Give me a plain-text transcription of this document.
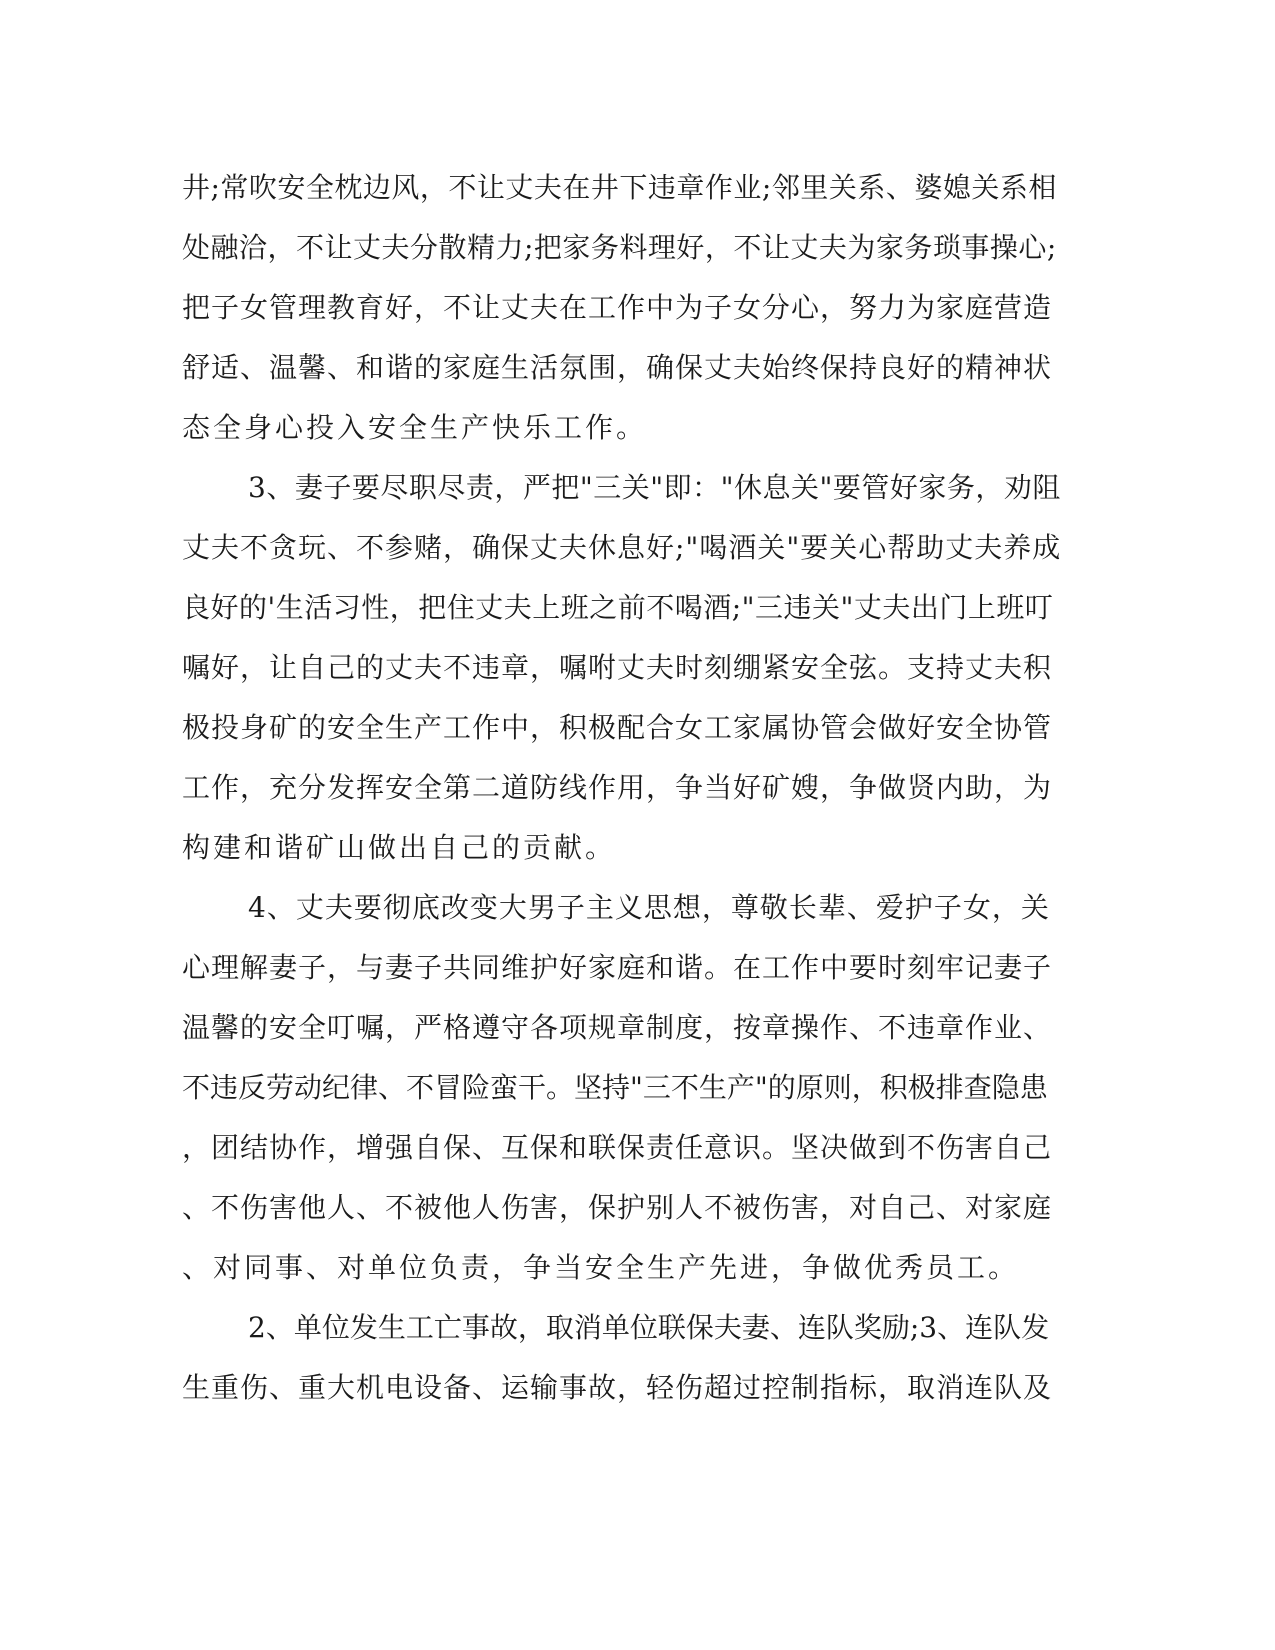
井;常吹安全枕边风，不让丈夫在井下违章作业;邻里关系、婆媳关系相
处融洽，不让丈夫分散精力;把家务料理好，不让丈夫为家务琐事操心;
把子女管理教育好，不让丈夫在工作中为子女分心，努力为家庭营造
舒适、温馨、和谐的家庭生活氛围，确保丈夫始终保持良好的精神状
态全身心投入安全生产快乐工作。
3、妻子要尽职尽责，严把"三关"即："休息关"要管好家务，劝阻
丈夫不贪玩、不参赌，确保丈夫休息好;"喝酒关"要关心帮助丈夫养成
良好的'生活习性，把住丈夫上班之前不喝酒;"三违关"丈夫出门上班叮
嘱好，让自己的丈夫不违章，嘱咐丈夫时刻绷紧安全弦。支持丈夫积
极投身矿的安全生产工作中，积极配合女工家属协管会做好安全协管
工作，充分发挥安全第二道防线作用，争当好矿嫂，争做贤内助，为
构建和谐矿山做出自己的贡献。
4、丈夫要彻底改变大男子主义思想，尊敬长辈、爱护子女，关
心理解妻子，与妻子共同维护好家庭和谐。在工作中要时刻牢记妻子
温馨的安全叮嘱，严格遵守各项规章制度，按章操作、不违章作业、
不违反劳动纪律、不冒险蛮干。坚持"三不生产"的原则，积极排查隐患
，团结协作，增强自保、互保和联保责任意识。坚决做到不伤害自己
、不伤害他人、不被他人伤害，保护别人不被伤害，对自己、对家庭
、对同事、对单位负责，争当安全生产先进，争做优秀员工。
2、单位发生工亡事故，取消单位联保夫妻、连队奖励;3、连队发
生重伤、重大机电设备、运输事故，轻伤超过控制指标，取消连队及
